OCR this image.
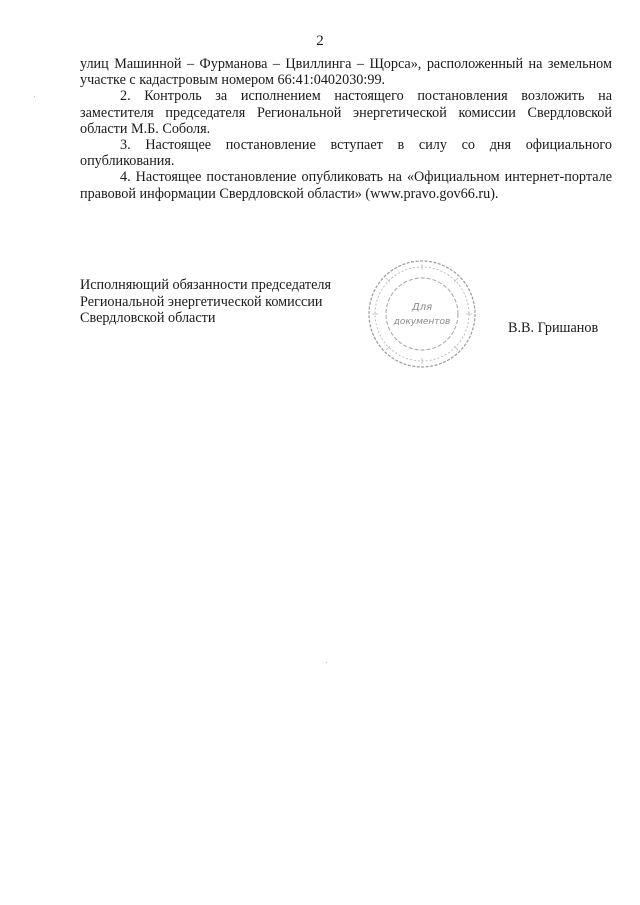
2

улиц Машинной – Фурманова – Цвиллинга – Щорса», расположенный на земельном участке с кадастровым номером 66:41:0402030:99.

2. Контроль за исполнением настоящего постановления возложить на заместителя председателя Региональной энергетической комиссии Свердловской области М.Б. Соболя.

3. Настоящее постановление вступает в силу со дня официального опубликования.

4. Настоящее постановление опубликовать на «Официальном интернет-портале правовой информации Свердловской области» (www.pravo.gov66.ru).

Исполняющий обязанности председателя
Региональной энергетической комиссии
Свердловской области
Для
документов	В.В. Гришанов
